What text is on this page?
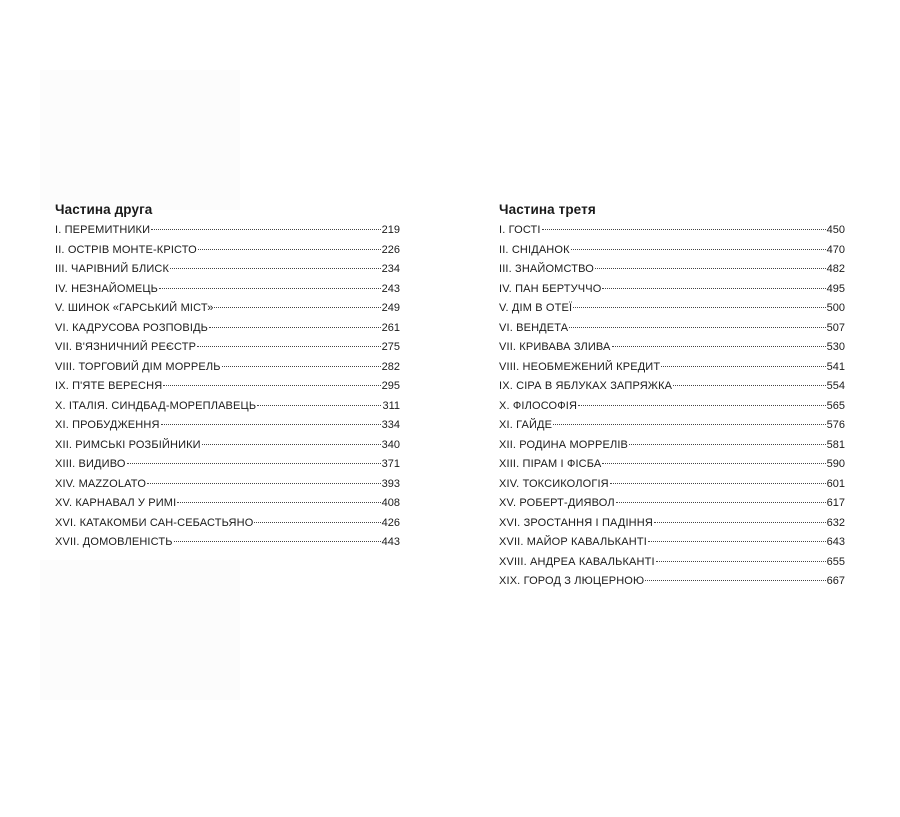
Частина друга
I. ПЕРЕМИТНИКИ	219
II. ОСТРІВ МОНТЕ-КРІСТО	226
III. ЧАРІВНИЙ БЛИСК	234
IV. НЕЗНАЙОМЕЦЬ	243
V. ШИНОК «ГАРСЬКИЙ МІСТ»	249
VI. КАДРУСОВА РОЗПОВІДЬ	261
VII. В'ЯЗНИЧНИЙ РЕЄСТР	275
VIII. ТОРГОВИЙ ДІМ МОРРЕЛЬ	282
IX. П'ЯТЕ ВЕРЕСНЯ	295
X. ІТАЛІЯ. СИНДБАД-МОРЕПЛАВЕЦЬ	311
XI. ПРОБУДЖЕННЯ	334
XII. РИМСЬКІ РОЗБІЙНИКИ	340
XIII. ВИДИВО	371
XIV. MAZZOLATO	393
XV. КАРНАВАЛ У РИМІ	408
XVI. КАТАКОМБИ САН-СЕБАСТЬЯНО	426
XVII. ДОМОВЛЕНІСТЬ	443
Частина третя
I. ГОСТІ	450
II. СНІДАНОК	470
III. ЗНАЙОМСТВО	482
IV. ПАН БЕРТУЧЧО	495
V. ДІМ В ОТЕЇ	500
VI. ВЕНДЕТА	507
VII. КРИВАВА ЗЛИВА	530
VIII. НЕОБМЕЖЕНИЙ КРЕДИТ	541
IX. СІРА В ЯБЛУКАХ ЗАПРЯЖКА	554
X. ФІЛОСОФІЯ	565
XI. ГАЙДЕ	576
XII. РОДИНА МОРРЕЛІВ	581
XIII. ПІРАМ І ФІСБА	590
XIV. ТОКСИКОЛОГІЯ	601
XV. РОБЕРТ-ДИЯВОЛ	617
XVI. ЗРОСТАННЯ І ПАДІННЯ	632
XVII. МАЙОР КАВАЛЬКАНТІ	643
XVIII. АНДРЕА КАВАЛЬКАНТІ	655
XIX. ГОРОД З ЛЮЦЕРНОЮ	667
